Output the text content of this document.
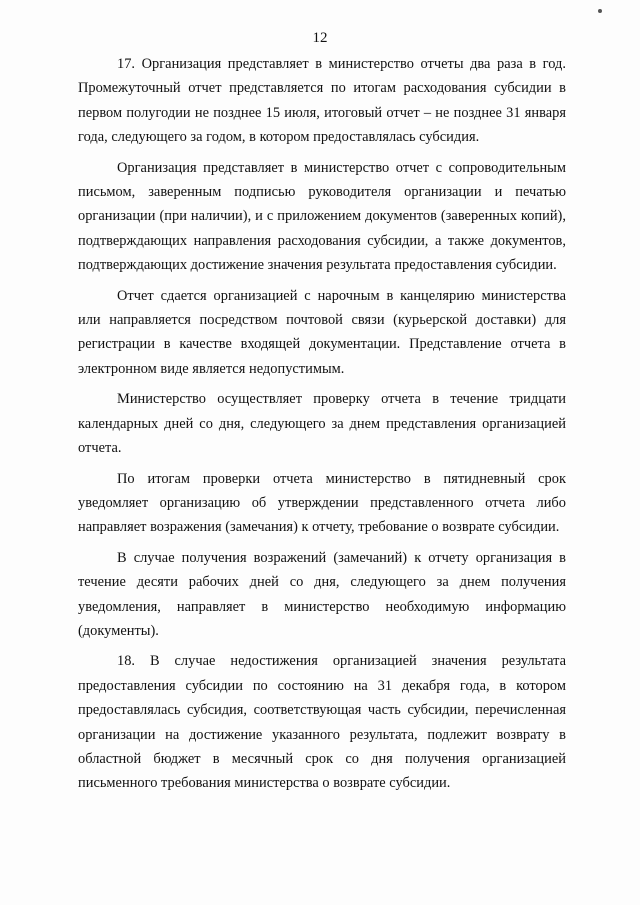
12

17. Организация представляет в министерство отчеты два раза в год. Промежуточный отчет представляется по итогам расходования субсидии в первом полугодии не позднее 15 июля, итоговый отчет – не позднее 31 января года, следующего за годом, в котором предоставлялась субсидия.

Организация представляет в министерство отчет с сопроводительным письмом, заверенным подписью руководителя организации и печатью организации (при наличии), и с приложением документов (заверенных копий), подтверждающих направления расходования субсидии, а также документов, подтверждающих достижение значения результата предоставления субсидии.

Отчет сдается организацией с нарочным в канцелярию министерства или направляется посредством почтовой связи (курьерской доставки) для регистрации в качестве входящей документации. Представление отчета в электронном виде является недопустимым.

Министерство осуществляет проверку отчета в течение тридцати календарных дней со дня, следующего за днем представления организацией отчета.

По итогам проверки отчета министерство в пятидневный срок уведомляет организацию об утверждении представленного отчета либо направляет возражения (замечания) к отчету, требование о возврате субсидии.

В случае получения возражений (замечаний) к отчету организация в течение десяти рабочих дней со дня, следующего за днем получения уведомления, направляет в министерство необходимую информацию (документы).

18. В случае недостижения организацией значения результата предоставления субсидии по состоянию на 31 декабря года, в котором предоставлялась субсидия, соответствующая часть субсидии, перечисленная организации на достижение указанного результата, подлежит возврату в областной бюджет в месячный срок со дня получения организацией письменного требования министерства о возврате субсидии.
